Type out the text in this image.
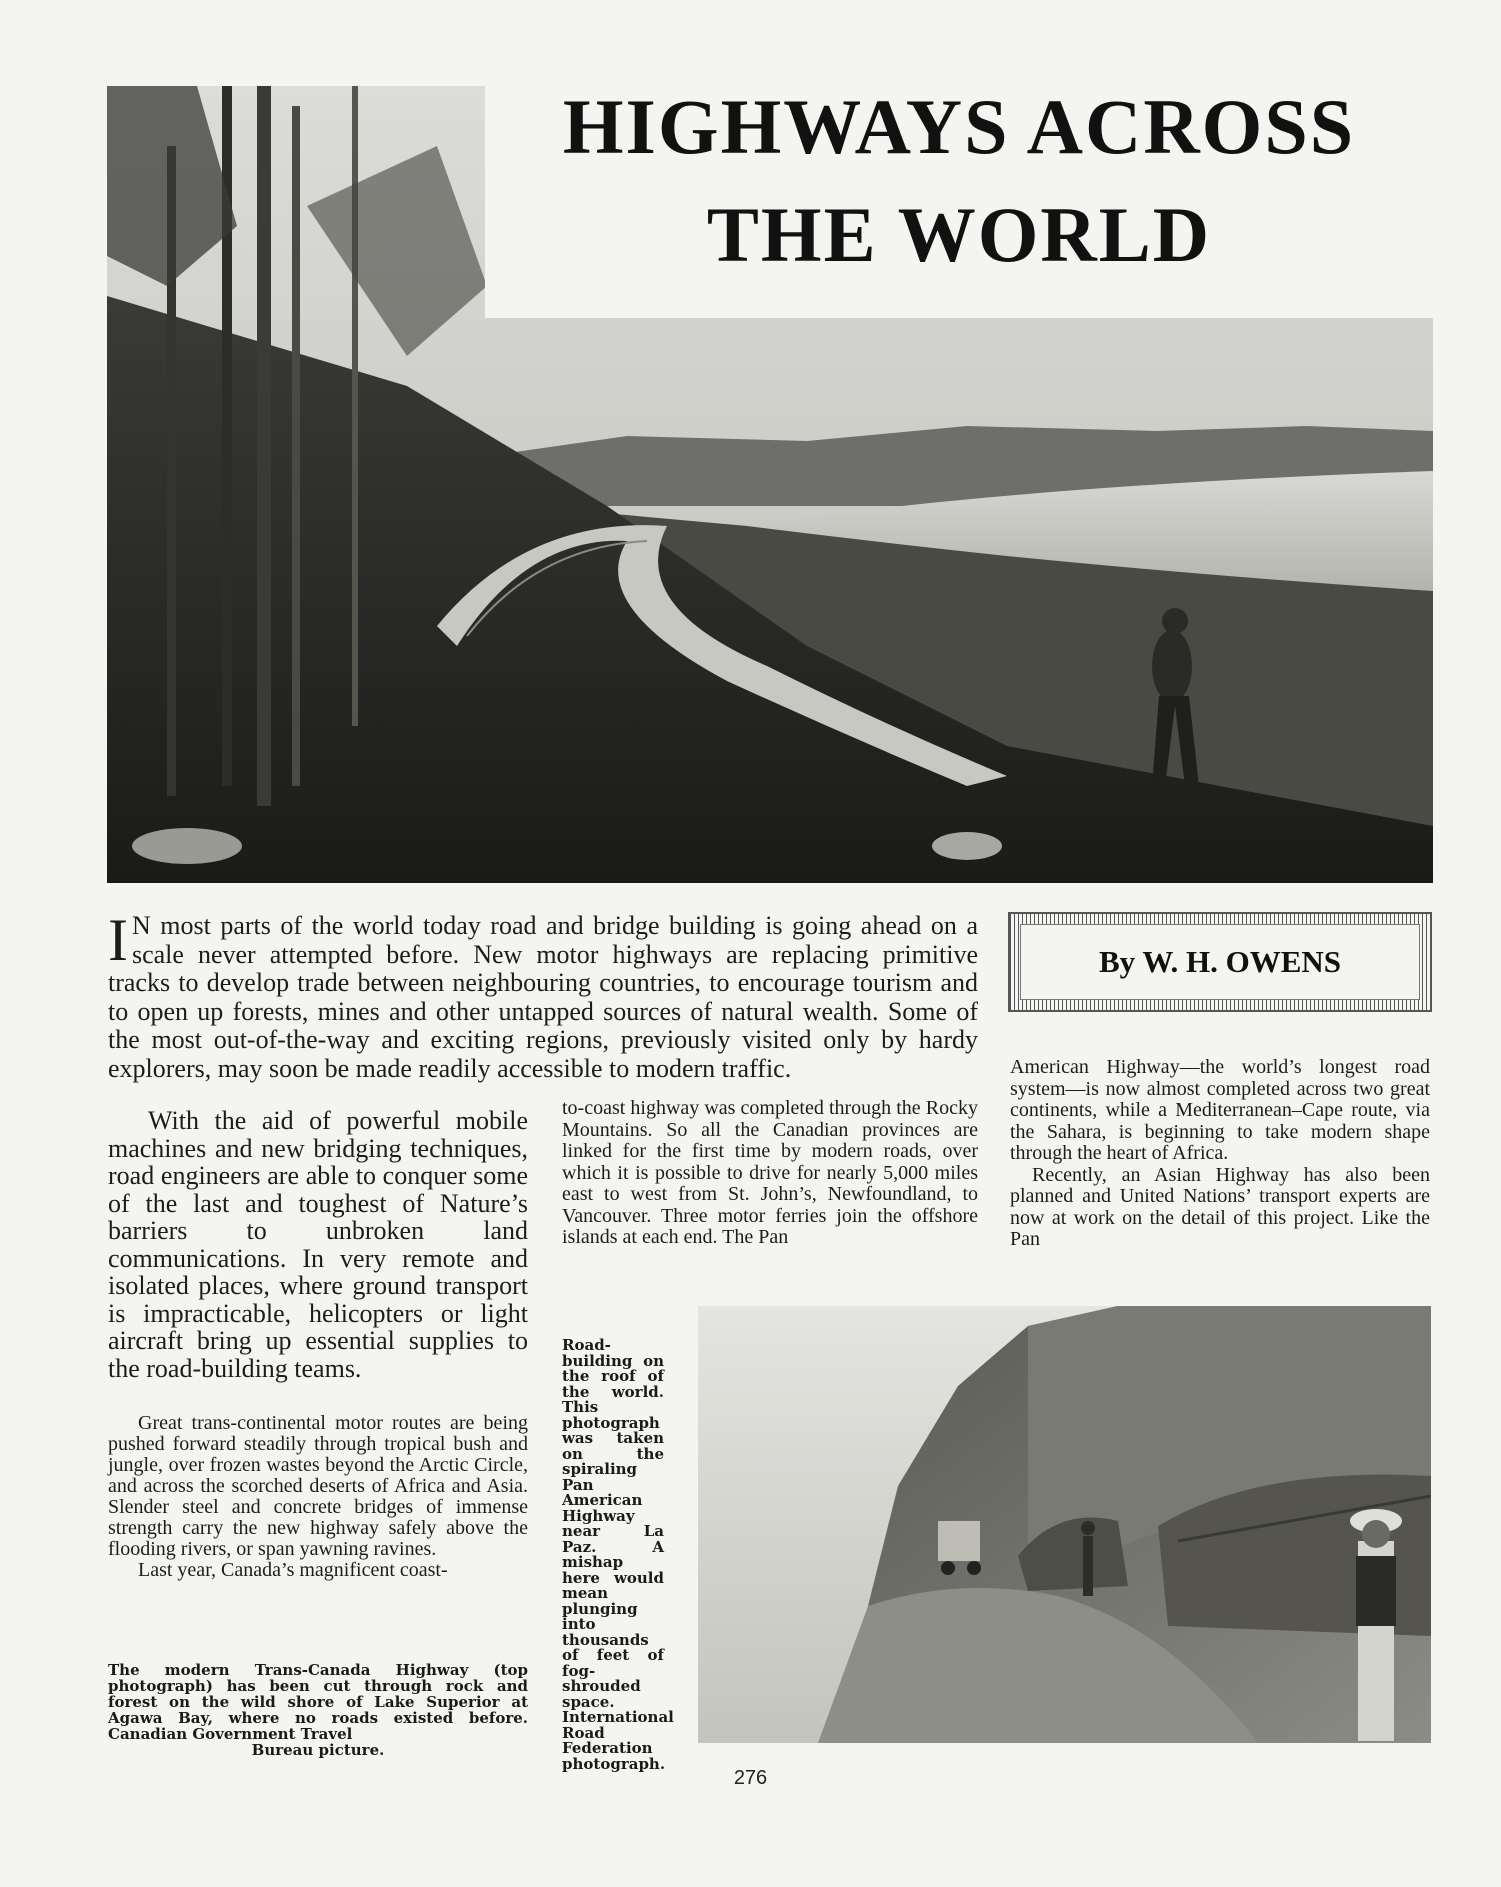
HIGHWAYS ACROSS
THE WORLD
I N most parts of the world today road and bridge building is going ahead on a scale never attempted before. New motor highways are replacing primitive tracks to develop trade between neighbouring countries, to encourage tourism and to open up forests, mines and other untapped sources of natural wealth. Some of the most out-of-the-way and exciting regions, previously visited only by hardy explorers, may soon be made readily accessible to modern traffic.
By W. H. OWENS
With the aid of powerful mobile machines and new bridging techniques, road engineers are able to conquer some of the last and toughest of Nature’s barriers to unbroken land communications. In very remote and isolated places, where ground transport is impracticable, helicopters or light aircraft bring up essential supplies to the road-building teams.

Great trans-continental motor routes are being pushed forward steadily through tropical bush and jungle, over frozen wastes beyond the Arctic Circle, and across the scorched deserts of Africa and Asia. Slender steel and concrete bridges of immense strength carry the new highway safely above the flooding rivers, or span yawning ravines.

Last year, Canada’s magnificent coast-

The modern Trans-Canada Highway (top photograph) has been cut through rock and forest on the wild shore of Lake Superior at Agawa Bay, where no roads existed before. Canadian Government Travel
Bureau picture.
to-coast highway was completed through the Rocky Mountains. So all the Canadian provinces are linked for the first time by modern roads, over which it is possible to drive for nearly 5,000 miles east to west from St. John’s, Newfoundland, to Vancouver. Three motor ferries join the offshore islands at each end. The Pan

American Highway—the world’s longest road system—is now almost completed across two great continents, while a Mediterranean–Cape route, via the Sahara, is beginning to take modern shape through the heart of Africa.

Recently, an Asian Highway has also been planned and United Nations’ transport experts are now at work on the detail of this project. Like the Pan

Road-building on the roof of the world. This photograph was taken on the spiraling Pan American Highway near La Paz. A mishap here would mean plunging into thousands of feet of fog-shrouded space. International Road Federation photograph.
276
